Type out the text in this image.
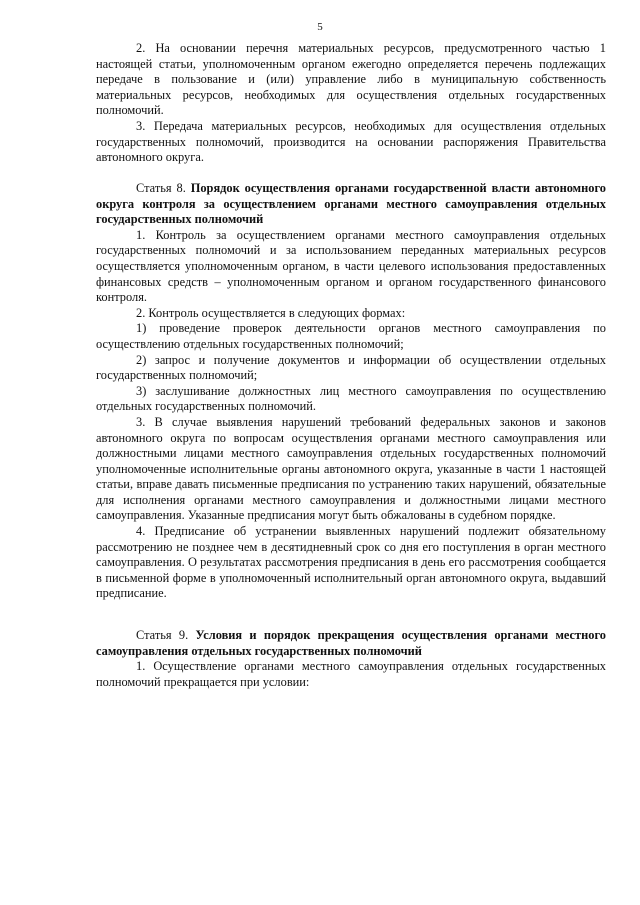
5

2. На основании перечня материальных ресурсов, предусмотренного частью 1 настоящей статьи, уполномоченным органом ежегодно определяется перечень подлежащих передаче в пользование и (или) управление либо в муниципальную собственность материальных ресурсов, необходимых для осуществления отдельных государственных полномочий.

3. Передача материальных ресурсов, необходимых для осуществления отдельных государственных полномочий, производится на основании распоряжения Правительства автономного округа.

Статья 8. Порядок осуществления органами государственной власти автономного округа контроля за осуществлением органами местного самоуправления отдельных государственных полномочий

1. Контроль за осуществлением органами местного самоуправления отдельных государственных полномочий и за использованием переданных материальных ресурсов осуществляется уполномоченным органом, в части целевого использования предоставленных финансовых средств – уполномоченным органом и органом государственного финансового контроля.

2. Контроль осуществляется в следующих формах:

1) проведение проверок деятельности органов местного самоуправления по осуществлению отдельных государственных полномочий;

2) запрос и получение документов и информации об осуществлении отдельных государственных полномочий;

3) заслушивание должностных лиц местного самоуправления по осуществлению отдельных государственных полномочий.

3. В случае выявления нарушений требований федеральных законов и законов автономного округа по вопросам осуществления органами местного самоуправления или должностными лицами местного самоуправления отдельных государственных полномочий уполномоченные исполнительные органы автономного округа, указанные в части 1 настоящей статьи, вправе давать письменные предписания по устранению таких нарушений, обязательные для исполнения органами местного самоуправления и должностными лицами местного самоуправления. Указанные предписания могут быть обжалованы в судебном порядке.

4. Предписание об устранении выявленных нарушений подлежит обязательному рассмотрению не позднее чем в десятидневный срок со дня его поступления в орган местного самоуправления. О результатах рассмотрения предписания в день его рассмотрения сообщается в письменной форме в уполномоченный исполнительный орган автономного округа, выдавший предписание.

Статья 9. Условия и порядок прекращения осуществления органами местного самоуправления отдельных государственных полномочий

1. Осуществление органами местного самоуправления отдельных государственных полномочий прекращается при условии:
